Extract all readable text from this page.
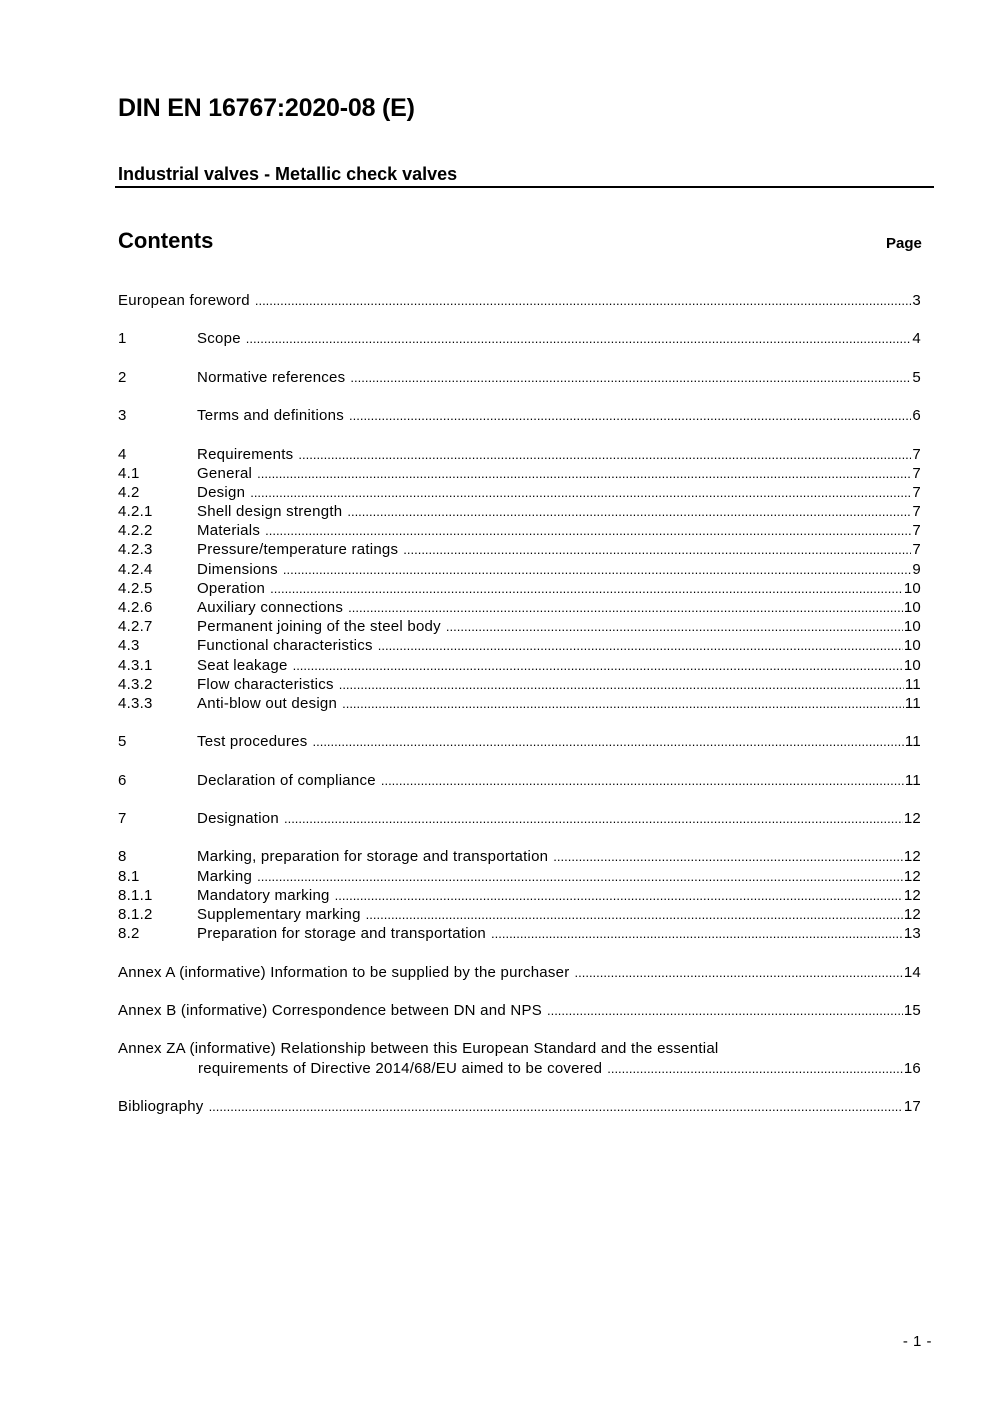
DIN EN 16767:2020-08 (E)
Industrial valves - Metallic check valves
Contents	Page
European foreword .....	3
1	Scope .....	4
2	Normative references .....	5
3	Terms and definitions .....	6
4	Requirements .....	7
4.1	General .....	7
4.2	Design .....	7
4.2.1	Shell design strength .....	7
4.2.2	Materials .....	7
4.2.3	Pressure/temperature ratings .....	7
4.2.4	Dimensions .....	9
4.2.5	Operation .....	10
4.2.6	Auxiliary connections .....	10
4.2.7	Permanent joining of the steel body .....	10
4.3	Functional characteristics .....	10
4.3.1	Seat leakage .....	10
4.3.2	Flow characteristics .....	11
4.3.3	Anti-blow out design .....	11
5	Test procedures .....	11
6	Declaration of compliance .....	11
7	Designation .....	12
8	Marking, preparation for storage and transportation .....	12
8.1	Marking .....	12
8.1.1	Mandatory marking .....	12
8.1.2	Supplementary marking .....	12
8.2	Preparation for storage and transportation .....	13
Annex A (informative) Information to be supplied by the purchaser .....	14
Annex B (informative) Correspondence between DN and NPS .....	15
Annex ZA (informative) Relationship between this European Standard and the essential
requirements of Directive 2014/68/EU aimed to be covered .....	16
Bibliography .....	17
- 1 -
